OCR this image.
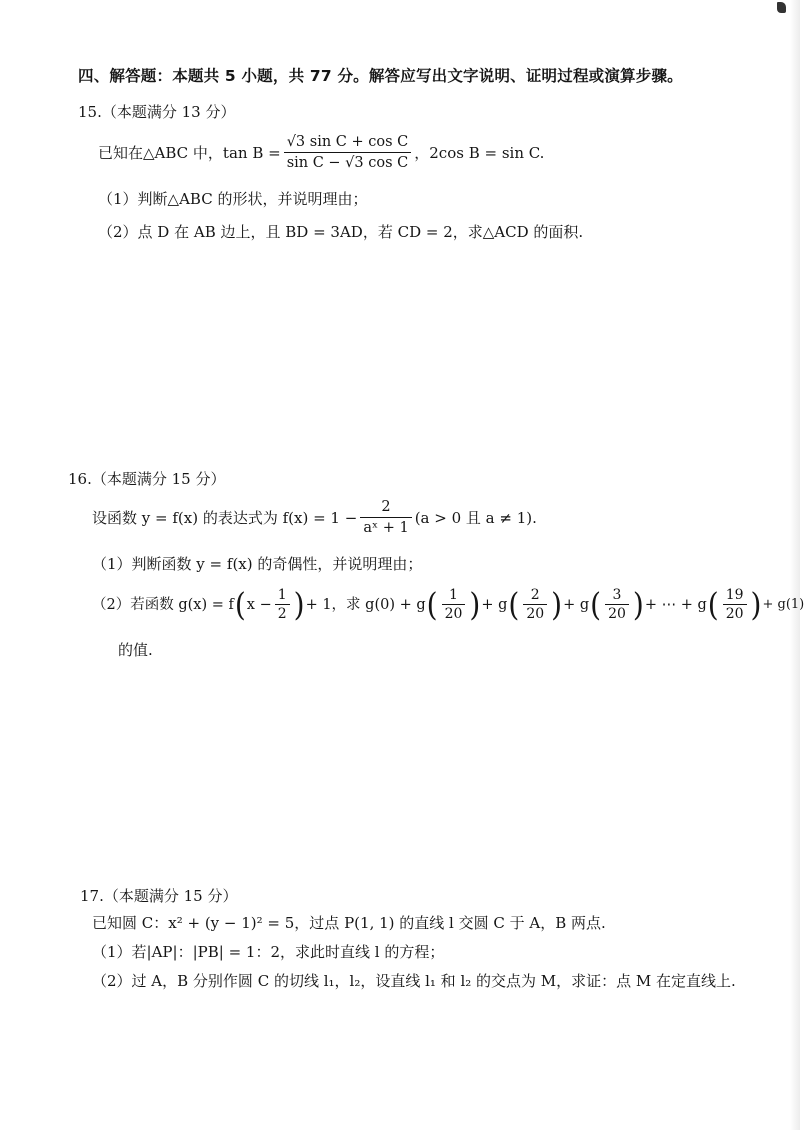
四、解答题：本题共 5 小题，共 77 分。解答应写出文字说明、证明过程或演算步骤。
15.（本题满分 13 分）
已知在△ABC 中，$\tan B = \frac{\text{√3 sin C + cos C}}{\text{sin C − √3 cos C}}$ ，2cos B = sin C.
（1）判断△ABC 的形状，并说明理由；
（2）点 D 在 AB 边上，且 BD = 3AD，若 CD = 2，求△ACD 的面积.
16.（本题满分 15 分）
设函数 y = f(x) 的表达式为 $f(x) = 1 - \frac{2}{\text{aˣ + 1}} (a > 0$ 且 a ≠ 1).
（1）判断函数 y = f(x) 的奇偶性，并说明理由；
（2）若函数 g(x) = f ( $x - \frac{1}{2}$ ) + 1，求 g(0) + g ( $\frac{1}{20}$ ) + g ( $\frac{2}{20}$ ) + g ( $\frac{3}{20}$ ) + ⋯ + g ( $\frac{19}{20}$ ) + g(1)
的值.
17.（本题满分 15 分）
已知圆 C：x² + (y − 1)² = 5，过点 P(1, 1) 的直线 l 交圆 C 于 A，B 两点.
（1）若|AP|：|PB| = 1：2，求此时直线 l 的方程；
（2）过 A，B 分别作圆 C 的切线 l₁，l₂，设直线 l₁ 和 l₂ 的交点为 M，求证：点 M 在定直线上.
